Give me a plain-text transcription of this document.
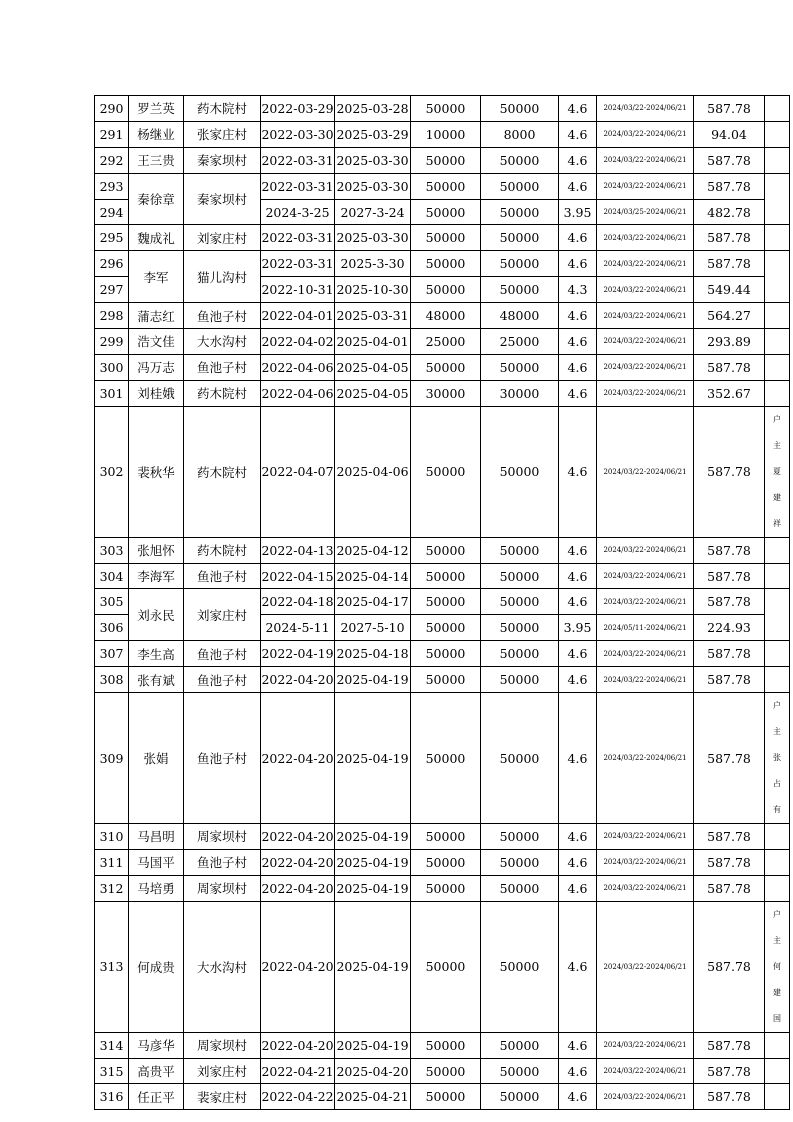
290	罗兰英	药木院村	2022-03-29	2025-03-28	50000	50000	4.6	2024/03/22-2024/06/21	587.78	
291	杨继业	张家庄村	2022-03-30	2025-03-29	10000	8000	4.6	2024/03/22-2024/06/21	94.04	
292	王三贵	秦家坝村	2022-03-31	2025-03-30	50000	50000	4.6	2024/03/22-2024/06/21	587.78	
293	秦徐章	秦家坝村	2022-03-31	2025-03-30	50000	50000	4.6	2024/03/22-2024/06/21	587.78	
294			2024-3-25	2027-3-24	50000	50000	3.95	2024/03/25-2024/06/21	482.78	
295	魏成礼	刘家庄村	2022-03-31	2025-03-30	50000	50000	4.6	2024/03/22-2024/06/21	587.78	
296	李军	猫儿沟村	2022-03-31	2025-3-30	50000	50000	4.6	2024/03/22-2024/06/21	587.78	
297			2022-10-31	2025-10-30	50000	50000	4.3	2024/03/22-2024/06/21	549.44	
298	蒲志红	鱼池子村	2022-04-01	2025-03-31	48000	48000	4.6	2024/03/22-2024/06/21	564.27	
299	浩文佳	大水沟村	2022-04-02	2025-04-01	25000	25000	4.6	2024/03/22-2024/06/21	293.89	
300	冯万志	鱼池子村	2022-04-06	2025-04-05	50000	50000	4.6	2024/03/22-2024/06/21	587.78	
301	刘桂娥	药木院村	2022-04-06	2025-04-05	30000	30000	4.6	2024/03/22-2024/06/21	352.67	
302	裴秋华	药木院村	2022-04-07	2025-04-06	50000	50000	4.6	2024/03/22-2024/06/21	587.78	户主夏建祥
303	张旭怀	药木院村	2022-04-13	2025-04-12	50000	50000	4.6	2024/03/22-2024/06/21	587.78	
304	李海军	鱼池子村	2022-04-15	2025-04-14	50000	50000	4.6	2024/03/22-2024/06/21	587.78	
305	刘永民	刘家庄村	2022-04-18	2025-04-17	50000	50000	4.6	2024/03/22-2024/06/21	587.78	
306			2024-5-11	2027-5-10	50000	50000	3.95	2024/05/11-2024/06/21	224.93	
307	李生高	鱼池子村	2022-04-19	2025-04-18	50000	50000	4.6	2024/03/22-2024/06/21	587.78	
308	张有斌	鱼池子村	2022-04-20	2025-04-19	50000	50000	4.6	2024/03/22-2024/06/21	587.78	
309	张娟	鱼池子村	2022-04-20	2025-04-19	50000	50000	4.6	2024/03/22-2024/06/21	587.78	户主张占有
310	马昌明	周家坝村	2022-04-20	2025-04-19	50000	50000	4.6	2024/03/22-2024/06/21	587.78	
311	马国平	鱼池子村	2022-04-20	2025-04-19	50000	50000	4.6	2024/03/22-2024/06/21	587.78	
312	马培勇	周家坝村	2022-04-20	2025-04-19	50000	50000	4.6	2024/03/22-2024/06/21	587.78	
313	何成贵	大水沟村	2022-04-20	2025-04-19	50000	50000	4.6	2024/03/22-2024/06/21	587.78	户主何建国
314	马彦华	周家坝村	2022-04-20	2025-04-19	50000	50000	4.6	2024/03/22-2024/06/21	587.78	
315	高贵平	刘家庄村	2022-04-21	2025-04-20	50000	50000	4.6	2024/03/22-2024/06/21	587.78	
316	任正平	裴家庄村	2022-04-22	2025-04-21	50000	50000	4.6	2024/03/22-2024/06/21	587.78	
